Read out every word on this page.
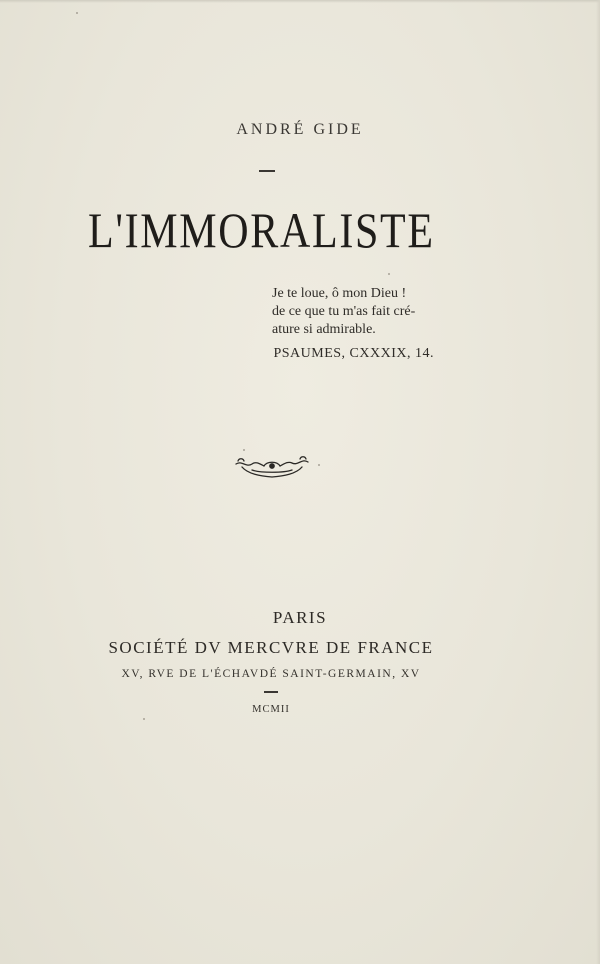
ANDRÉ GIDE
L'IMMORALISTE
Je te loue, ô mon Dieu !
de ce que tu m'as fait cré-
ature si admirable.
PSAUMES, CXXXIX, 14.
PARIS
SOCIÉTÉ DV MERCVRE DE FRANCE
XV, RVE DE L'ÉCHAVDÉ SAINT-GERMAIN, XV
MCMII
